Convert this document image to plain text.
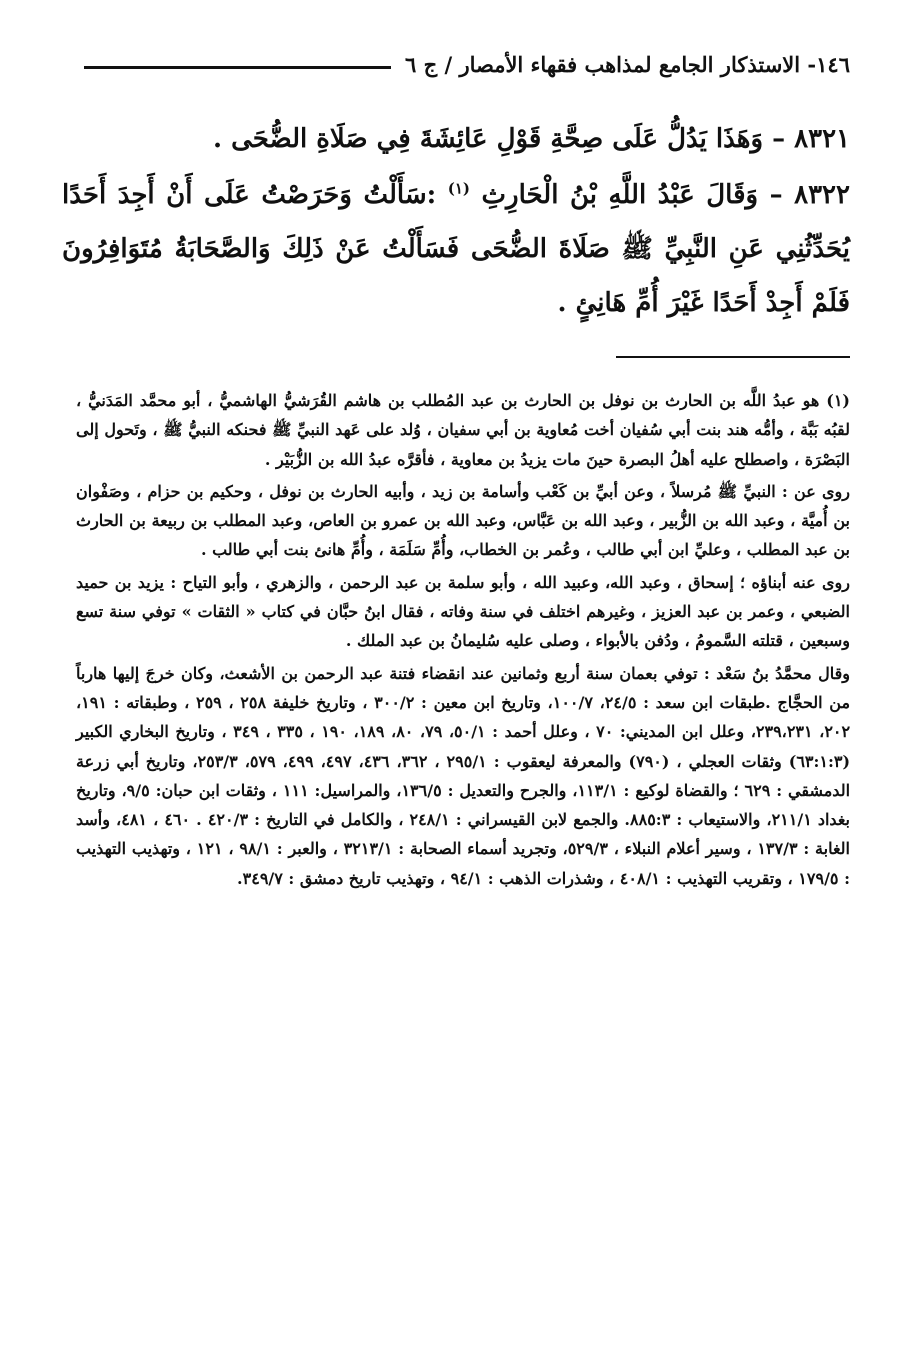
١٤٦- الاستذكار الجامع لمذاهب فقهاء الأمصار / ج ٦

٨٣٢١ – وَهَذَا يَدُلُّ عَلَى صِحَّةِ قَوْلِ عَائِشَةَ فِي صَلَاةِ الضُّحَى .

٨٣٢٢ – وَقَالَ عَبْدُ اللَّهِ بْنُ الْحَارِثِ $^{(١)}$ :سَأَلْتُ وَحَرَصْتُ عَلَى أَنْ أَجِدَ أَحَدًا يُحَدِّثُنِي عَنِ النَّبِيِّ ﷺ صَلَاةَ الضُّحَى فَسَأَلْتُ عَنْ ذَلِكَ وَالصَّحَابَةُ مُتَوَافِرُونَ فَلَمْ أَجِدْ أَحَدًا غَيْرَ أُمِّ هَانِئٍ .

(١) هو عبدُ اللَّه بن الحارث بن نوفل بن الحارث بن عبد المُطلب بن هاشم القُرَشيُّ الهاشميُّ ، أبو محمَّد المَدَنيُّ ، لقبُه بَبَّة ، وأمُّه هند بنت أبي سُفيان أخت مُعاوية بن أبي سفيان ، وُلد على عَهد النبيِّ ﷺ فحنكه النبيُّ ﷺ ، وتَحول إلى البَصْرَة ، واصطلح عليه أهلُ البصرة حينَ مات يزيدُ بن معاوية ، فأقرَّه عبدُ الله بن الزُّبَيْر .

روى عن : النبيِّ ﷺ مُرسلاً ، وعن أبيِّ بن كَعْب وأسامة بن زيد ، وأبيه الحارث بن نوفل ، وحكيم بن حزام ، وصَفْوان بن أُميَّة ، وعبد الله بن الزُّبير ، وعبد الله بن عَبَّاس، وعبد الله بن عمرو بن العاص، وعبد المطلب بن ربيعة بن الحارث بن عبد المطلب ، وعليِّ ابن أبي طالب ، وعُمر بن الخطاب، وأُمِّ سَلَمَة ، وأُمِّ هانئ بنت أبي طالب .

روى عنه أبناؤه ؛ إسحاق ، وعبد الله، وعبيد الله ، وأبو سلمة بن عبد الرحمن ، والزهري ، وأبو التياح : يزيد بن حميد الضبعي ، وعمر بن عبد العزيز ، وغيرهم اختلف في سنة وفاته ، فقال ابنُ حبَّان في كتاب « الثقات » توفي سنة تسع وسبعين ، قتلته السَّمومُ ، ودُفن بالأبواء ، وصلى عليه سُليمانُ بن عبد الملك .

وقال محمَّدُ بنُ سَعْد : توفي بعمان سنة أربع وثمانين عند انقضاء فتنة عبد الرحمن بن الأشعث، وكان خرجَ إليها هارباً من الحجَّاج .طبقات ابن سعد : ٢٤/٥، ١٠٠/٧، وتاريخ ابن معين : ٣٠٠/٢ ، وتاريخ خليفة ٢٥٨ ، ٢٥٩ ، وطبقاته : ١٩١، ٢٠٢، ٢٣٩،٢٣١، وعلل ابن المديني: ٧٠ ، وعلل أحمد : ٥٠/١، ٧٩، ٨٠، ١٨٩، ١٩٠ ، ٣٣٥ ، ٣٤٩ ، وتاريخ البخاري الكبير (٦٣:١:٣) وثقات العجلي ، (٧٩٠) والمعرفة ليعقوب : ٢٩٥/١ ، ٣٦٢، ٤٣٦، ٤٩٧، ٤٩٩، ٥٧٩، ٢٥٣/٣، وتاريخ أبي زرعة الدمشقي : ٦٢٩ ؛ والقضاة لوكيع : ١١٣/١، والجرح والتعديل : ١٣٦/٥، والمراسيل: ١١١ ، وثقات ابن حبان: ٩/٥، وتاريخ بغداد ٢١١/١، والاستيعاب : ٨٨٥:٣. والجمع لابن القيسراني : ٢٤٨/١ ، والكامل في التاريخ : ٤٢٠/٣ . ٤٦٠ ، ٤٨١، وأسد الغابة : ١٣٧/٣ ، وسير أعلام النبلاء ، ٥٢٩/٣، وتجريد أسماء الصحابة : ٣٢١٣/١ ، والعبر : ٩٨/١ ، ١٢١ ، وتهذيب التهذيب : ١٧٩/٥ ، وتقريب التهذيب : ٤٠٨/١ ، وشذرات الذهب : ٩٤/١ ، وتهذيب تاريخ دمشق : ٣٤٩/٧.
